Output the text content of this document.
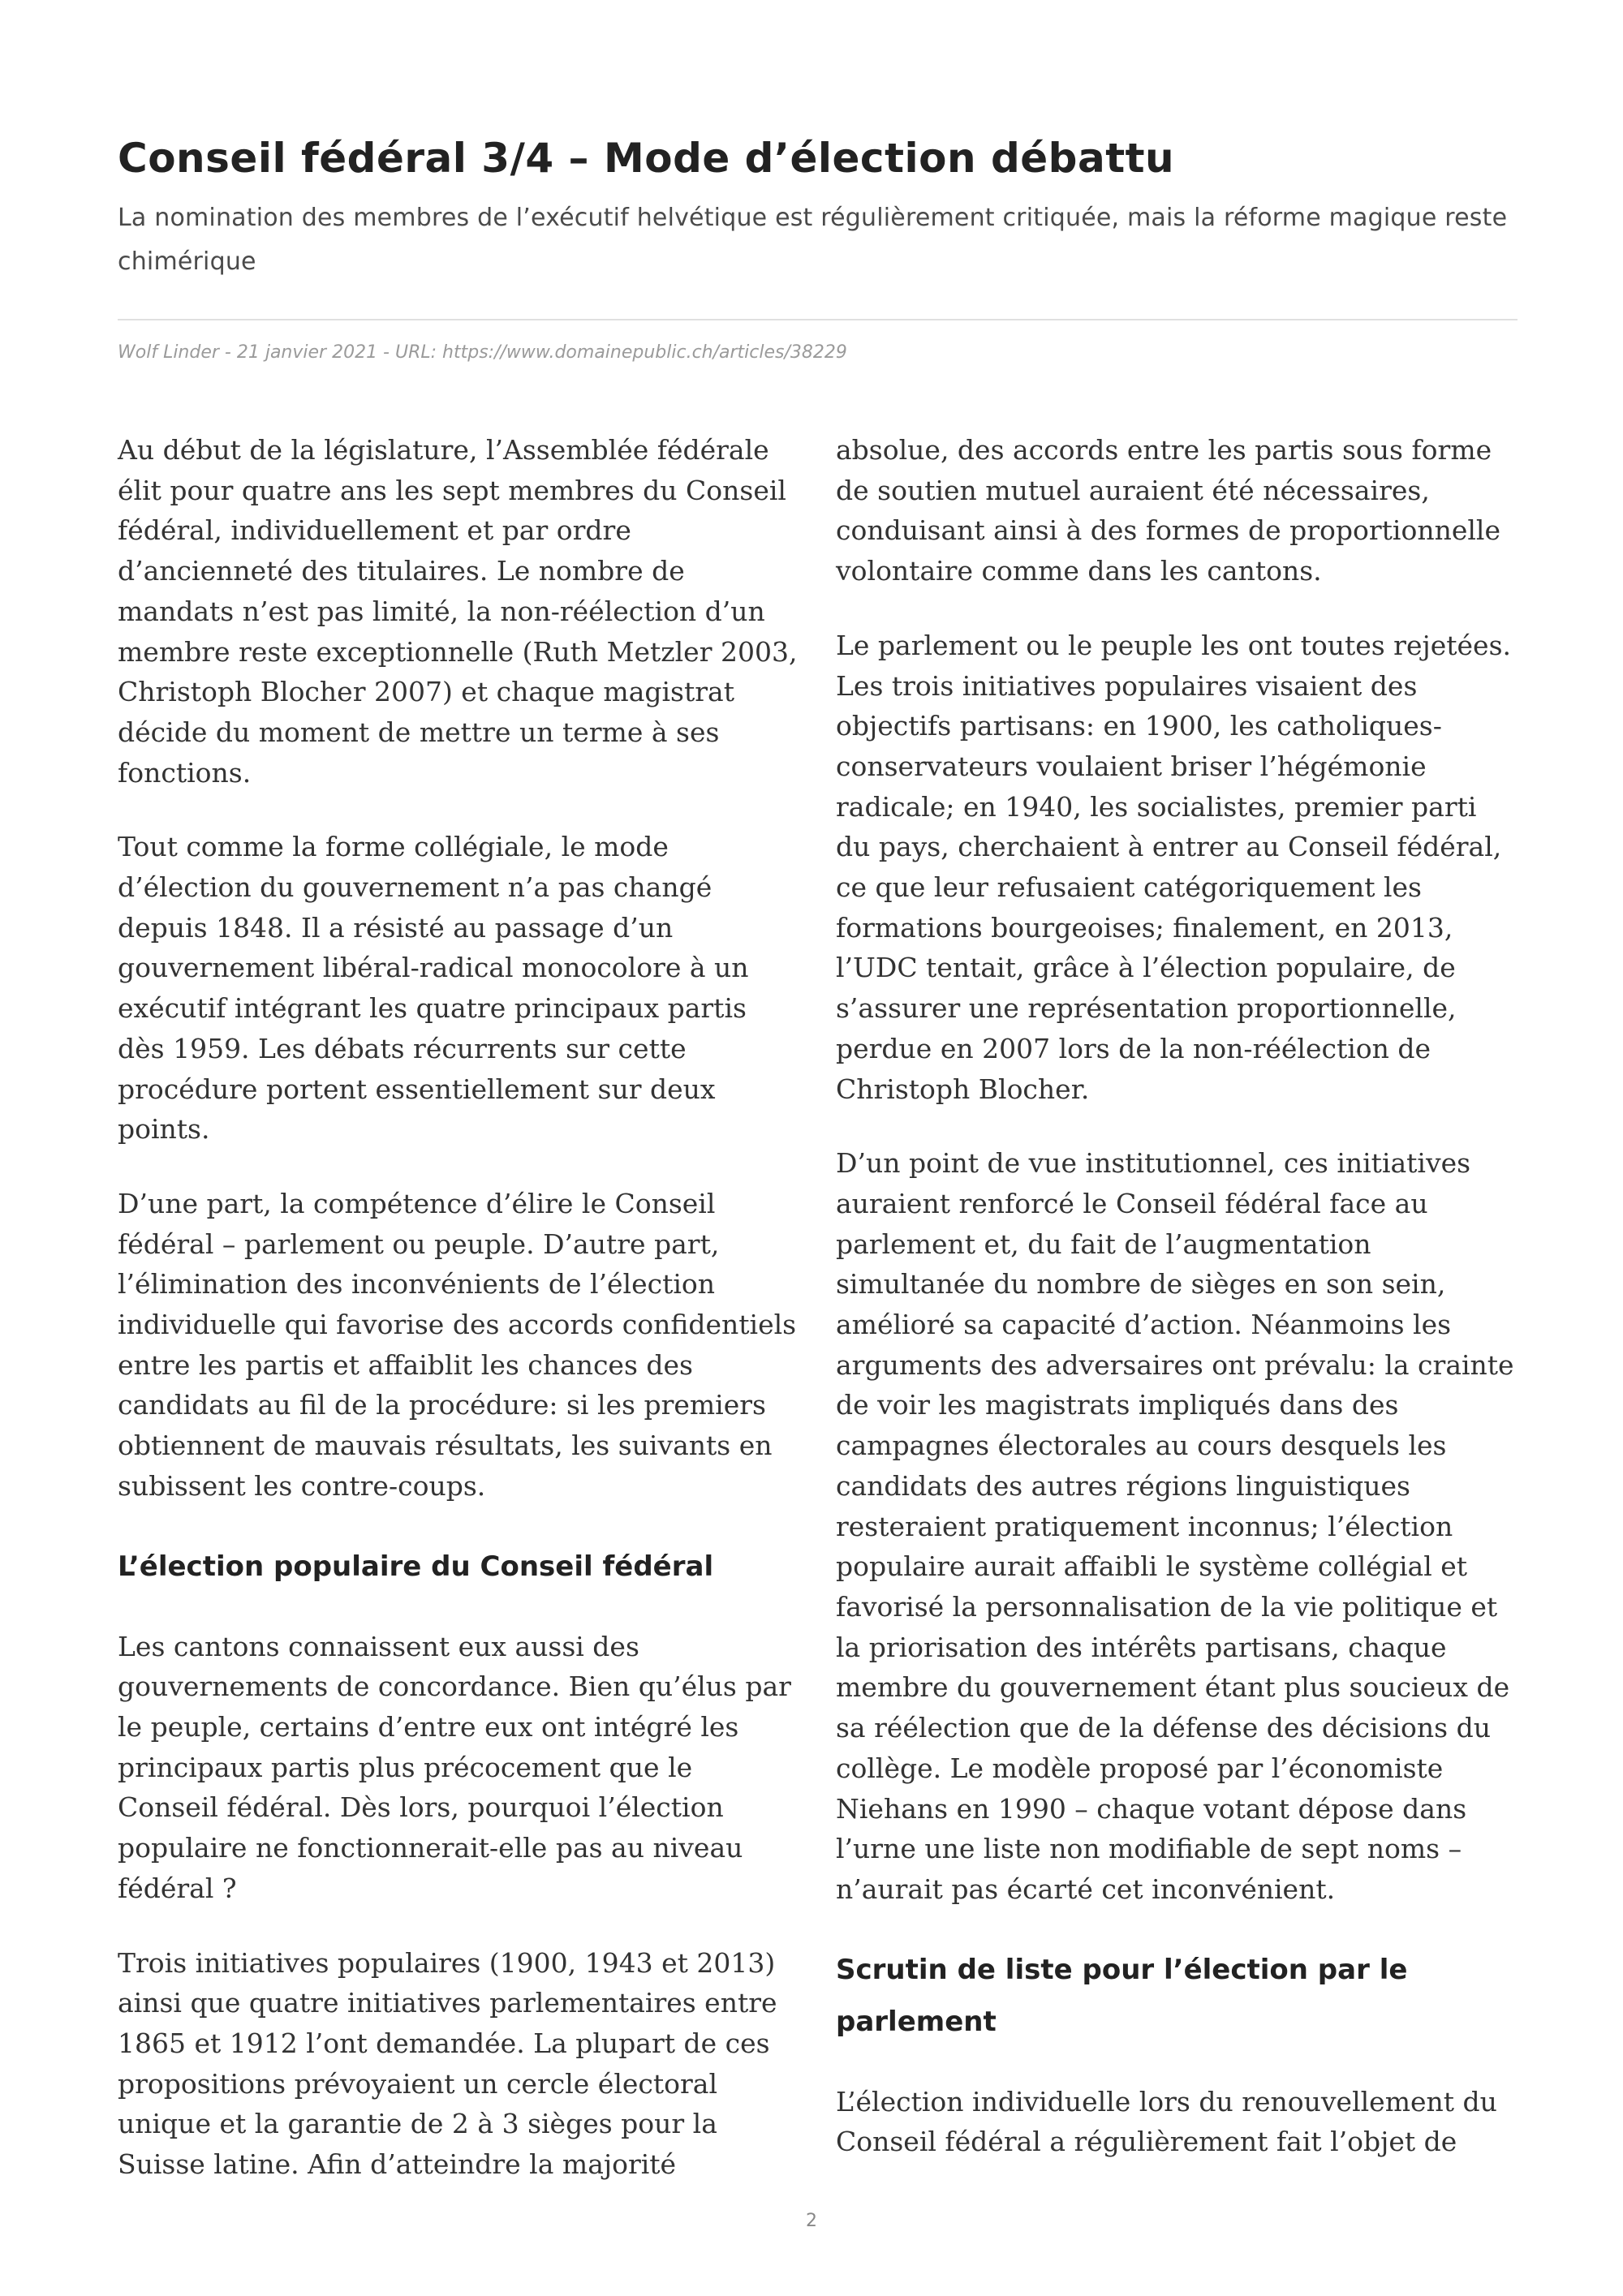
Conseil fédéral 3/4 – Mode d’élection débattu

La nomination des membres de l’exécutif helvétique est régulièrement critiquée, mais la réforme magique reste chimérique

Wolf Linder - 21 janvier 2021 - URL: https://www.domainepublic.ch/articles/38229

Au début de la législature, l’Assemblée fédérale élit pour quatre ans les sept membres du Conseil fédéral, individuellement et par ordre d’ancienneté des titulaires. Le nombre de mandats n’est pas limité, la non-réélection d’un membre reste exceptionnelle (Ruth Metzler 2003, Christoph Blocher 2007) et chaque magistrat décide du moment de mettre un terme à ses fonctions.

Tout comme la forme collégiale, le mode d’élection du gouvernement n’a pas changé depuis 1848. Il a résisté au passage d’un gouvernement libéral-radical monocolore à un exécutif intégrant les quatre principaux partis dès 1959. Les débats récurrents sur cette procédure portent essentiellement sur deux points.

D’une part, la compétence d’élire le Conseil fédéral – parlement ou peuple. D’autre part, l’élimination des inconvénients de l’élection individuelle qui favorise des accords confidentiels entre les partis et affaiblit les chances des candidats au fil de la procédure: si les premiers obtiennent de mauvais résultats, les suivants en subissent les contre-coups.

L’élection populaire du Conseil fédéral

Les cantons connaissent eux aussi des gouvernements de concordance. Bien qu’élus par le peuple, certains d’entre eux ont intégré les principaux partis plus précocement que le Conseil fédéral. Dès lors, pourquoi l’élection populaire ne fonctionnerait-elle pas au niveau fédéral ?

Trois initiatives populaires (1900, 1943 et 2013) ainsi que quatre initiatives parlementaires entre 1865 et 1912 l’ont demandée. La plupart de ces propositions prévoyaient un cercle électoral unique et la garantie de 2 à 3 sièges pour la Suisse latine. Afin d’atteindre la majorité

absolue, des accords entre les partis sous forme de soutien mutuel auraient été nécessaires, conduisant ainsi à des formes de proportionnelle volontaire comme dans les cantons.

Le parlement ou le peuple les ont toutes rejetées. Les trois initiatives populaires visaient des objectifs partisans: en 1900, les catholiques-conservateurs voulaient briser l’hégémonie radicale; en 1940, les socialistes, premier parti du pays, cherchaient à entrer au Conseil fédéral, ce que leur refusaient catégoriquement les formations bourgeoises; finalement, en 2013, l’UDC tentait, grâce à l’élection populaire, de s’assurer une représentation proportionnelle, perdue en 2007 lors de la non-réélection de Christoph Blocher.

D’un point de vue institutionnel, ces initiatives auraient renforcé le Conseil fédéral face au parlement et, du fait de l’augmentation simultanée du nombre de sièges en son sein, amélioré sa capacité d’action. Néanmoins les arguments des adversaires ont prévalu: la crainte de voir les magistrats impliqués dans des campagnes électorales au cours desquels les candidats des autres régions linguistiques resteraient pratiquement inconnus; l’élection populaire aurait affaibli le système collégial et favorisé la personnalisation de la vie politique et la priorisation des intérêts partisans, chaque membre du gouvernement étant plus soucieux de sa réélection que de la défense des décisions du collège. Le modèle proposé par l’économiste Niehans en 1990 – chaque votant dépose dans l’urne une liste non modifiable de sept noms – n’aurait pas écarté cet inconvénient.

Scrutin de liste pour l’élection par le parlement

L’élection individuelle lors du renouvellement du Conseil fédéral a régulièrement fait l’objet de

2
